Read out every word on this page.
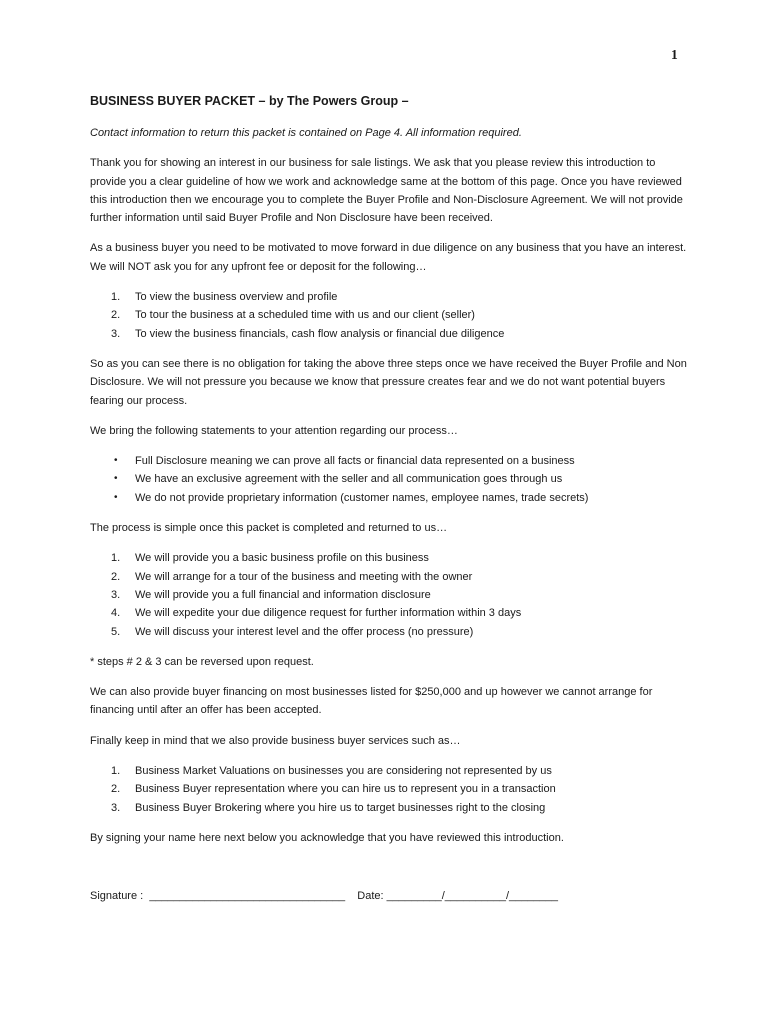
1
BUSINESS BUYER PACKET – by The Powers Group –

Contact information to return this packet is contained on Page 4. All information required.

Thank you for showing an interest in our business for sale listings. We ask that you please review this introduction to provide you a clear guideline of how we work and acknowledge same at the bottom of this page. Once you have reviewed this introduction then we encourage you to complete the Buyer Profile and Non-Disclosure Agreement. We will not provide further information until said Buyer Profile and Non Disclosure have been received.

As a business buyer you need to be motivated to move forward in due diligence on any business that you have an interest. We will NOT ask you for any upfront fee or deposit for the following…

1.	To view the business overview and profile
2.	To tour the business at a scheduled time with us and our client (seller)
3.	To view the business financials, cash flow analysis or financial due diligence

So as you can see there is no obligation for taking the above three steps once we have received the Buyer Profile and Non Disclosure. We will not pressure you because we know that pressure creates fear and we do not want potential buyers fearing our process.

We bring the following statements to your attention regarding our process…

•	Full Disclosure meaning we can prove all facts or financial data represented on a business
•	We have an exclusive agreement with the seller and all communication goes through us
•	We do not provide proprietary information (customer names, employee names, trade secrets)

The process is simple once this packet is completed and returned to us…

1.	We will provide you a basic business profile on this business
2.	We will arrange for a tour of the business and meeting with the owner
3.	We will provide you a full financial and information disclosure
4.	We will expedite your due diligence request for further information within 3 days
5.	We will discuss your interest level and the offer process (no pressure)

* steps # 2 & 3 can be reversed upon request.

We can also provide buyer financing on most businesses listed for $250,000 and up however we cannot arrange for financing until after an offer has been accepted.

Finally keep in mind that we also provide business buyer services such as…

1.	Business Market Valuations on businesses you are considering not represented by us
2.	Business Buyer representation where you can hire us to represent you in a transaction
3.	Business Buyer Brokering where you hire us to target businesses right to the closing

By signing your name here next below you acknowledge that you have reviewed this introduction.

Signature :  ________________________________    Date: _________/__________/________
